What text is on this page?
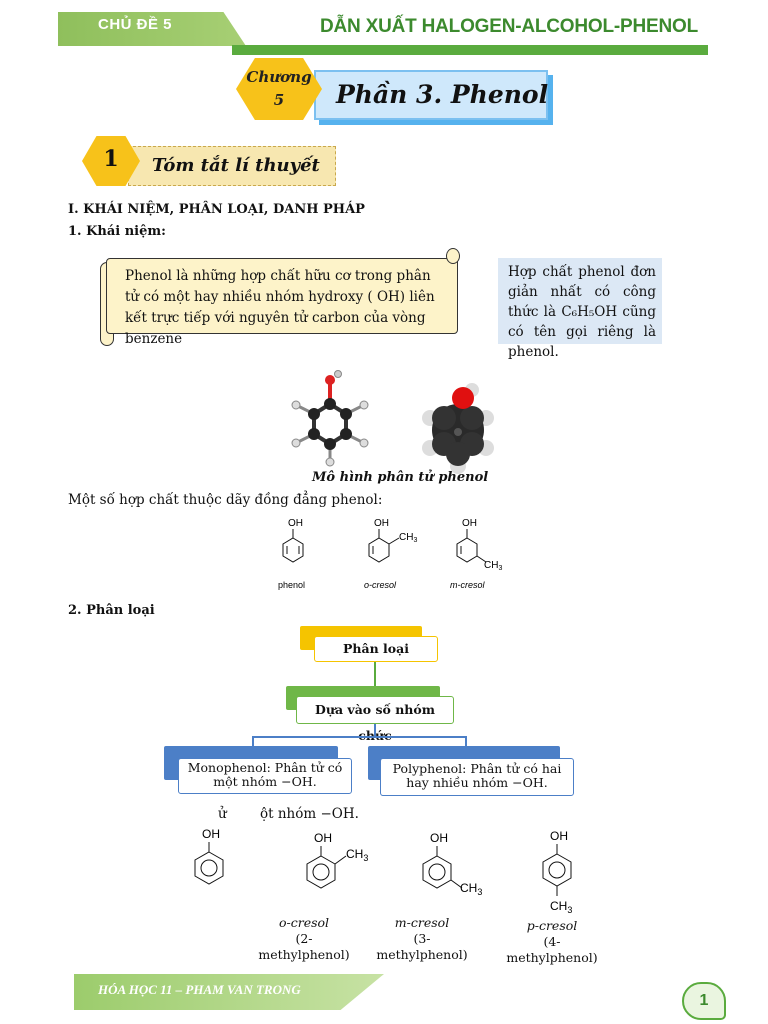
CHỦ ĐỀ 5	DẪN XUẤT HALOGEN-ALCOHOL-PHENOL
Phần 3. Phenol
Chương
5
1	Tóm tắt lí thuyết
I. KHÁI NIỆM, PHÂN LOẠI, DANH PHÁP
1. Khái niệm:
Phenol là những hợp chất hữu cơ trong phân tử có một hay nhiều nhóm hydroxy ( OH) liên kết trực tiếp với nguyên tử carbon của vòng benzene
Hợp chất phenol đơn giản nhất có công thức là C₆H₅OH cũng có tên gọi riêng là phenol.
Mô hình phân tử phenol
Một số hợp chất thuộc dãy đồng đẳng phenol:
OH
phenol
OH
$CH_3$
o-cresol
OH
$CH_3$
m-cresol
2. Phân loại
Phân loại
Dựa vào số nhóm
Monophenol: Phân tử có một nhóm −OH.
Polyphenol: Phân tử có hai hay nhiều nhóm −OH.
ử ột nhóm −OH.
OH	OH
$CH_3$
OH
$CH_3$
OH
$CH_3$
o-cresol
(2-methylphenol)
m-cresol
(3-methylphenol)
p-cresol
(4-methylphenol)
HÓA HỌC 11 – PHAM VAN TRONG
1
